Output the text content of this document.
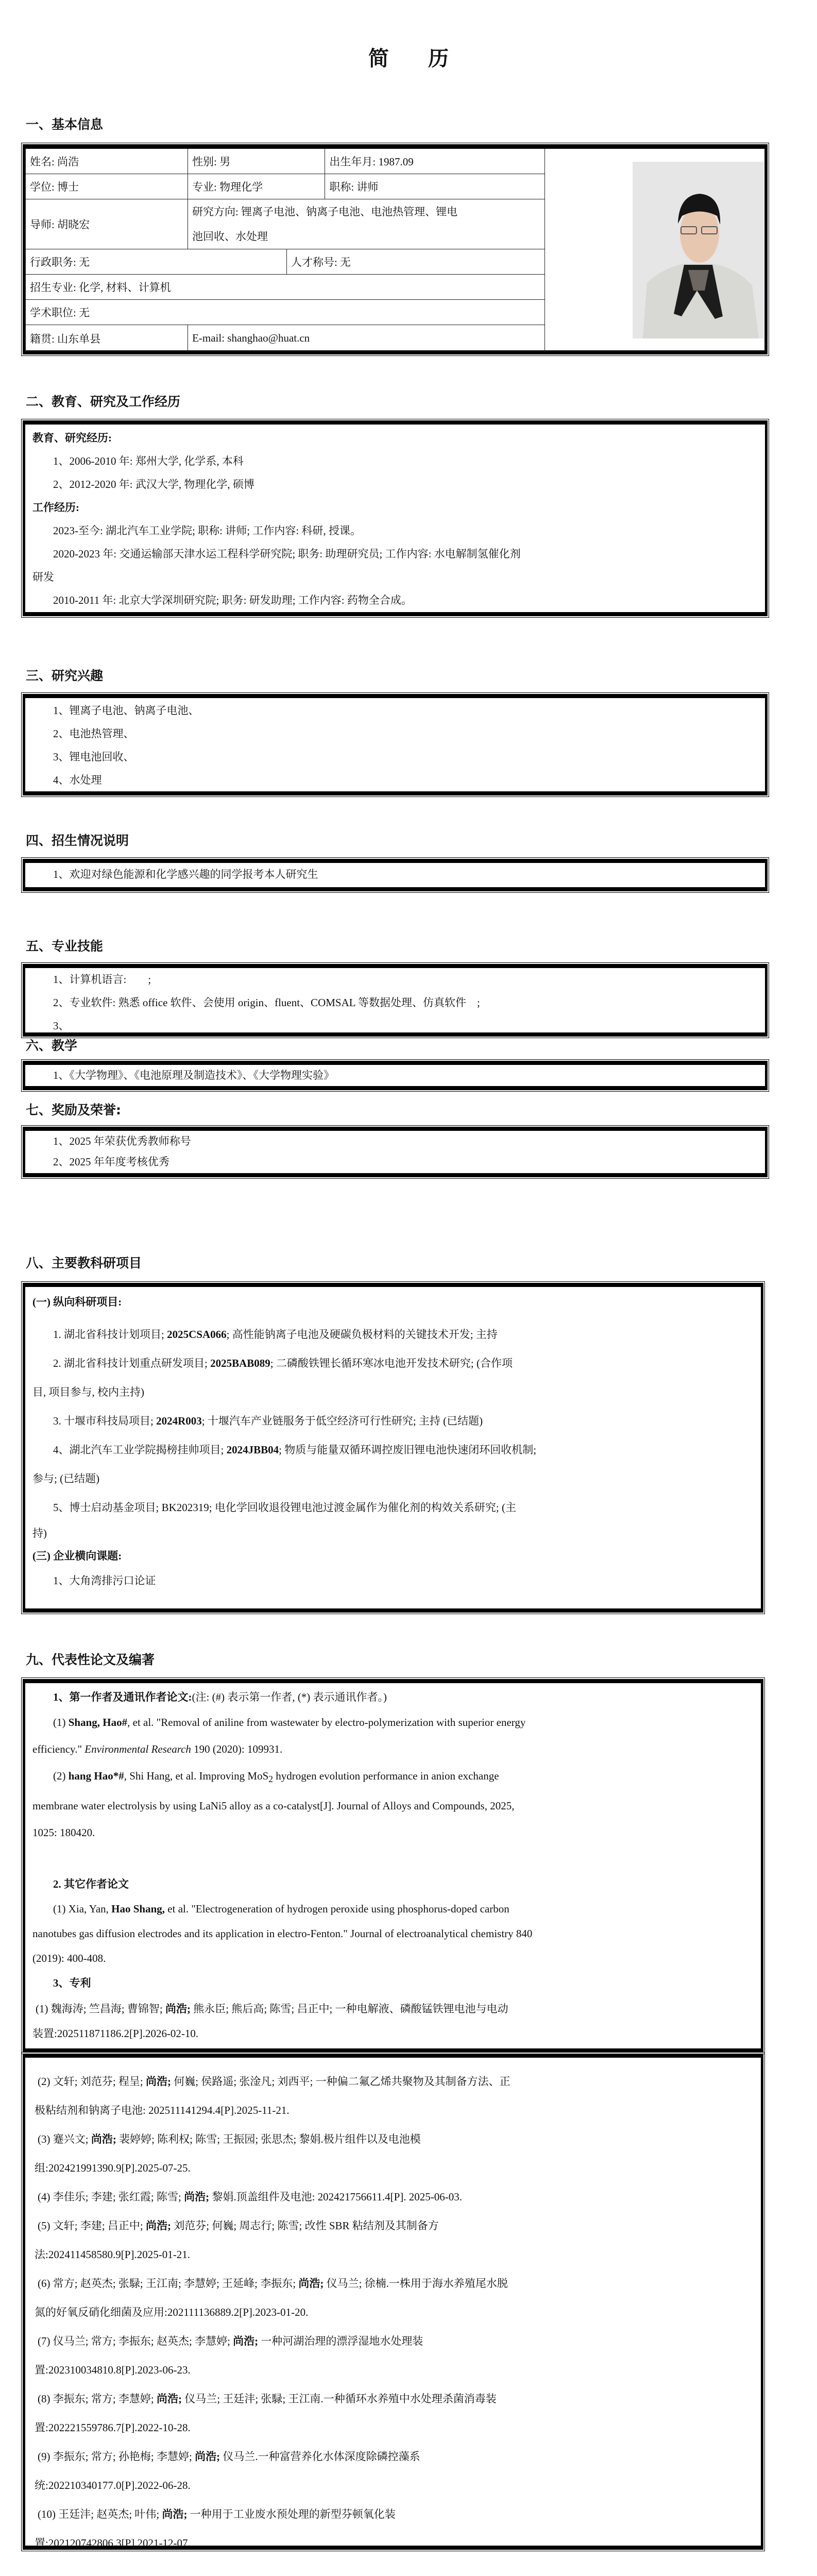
简 历
一、基本信息
姓名: 尚浩	性别: 男		出生年月: 1987.09	
学位: 博士	专业: 物理化学		职称: 讲师	
导师: 胡晓宏	研究方向: 锂离子电池、钠离子电池、电池热管理、锂电
池回收、水处理			

行政职务: 无		人才称号: 无		
招生专业: 化学, 材料、计算机				
学术职位: 无				
籍贯: 山东单县	E-mail: shanghao@huat.cn			
二、教育、研究及工作经历
教育、研究经历:
1、2006-2010 年: 郑州大学, 化学系, 本科
2、2012-2020 年: 武汉大学, 物理化学, 硕博
工作经历:
2023-至今: 湖北汽车工业学院; 职称: 讲师; 工作内容: 科研, 授课。
2020-2023 年: 交通运输部天津水运工程科学研究院; 职务: 助理研究员; 工作内容: 水电解制氢催化剂
研发
2010-2011 年: 北京大学深圳研究院; 职务: 研发助理; 工作内容: 药物全合成。
三、研究兴趣
1、锂离子电池、钠离子电池、
2、电池热管理、
3、锂电池回收、
4、水处理
四、招生情况说明
1、欢迎对绿色能源和化学感兴趣的同学报考本人研究生
五、专业技能
1、计算机语言:　　;
2、专业软件: 熟悉 office 软件、会使用 origin、fluent、COMSAL 等数据处理、仿真软件　;
3、
六、教学
1、《大学物理》、《电池原理及制造技术》、《大学物理实验》
七、奖励及荣誉:
1、2025 年荣获优秀教师称号
2、2025 年年度考核优秀
八、主要教科研项目
(一) 纵向科研项目:
1. 湖北省科技计划项目; 2025CSA066; 高性能钠离子电池及硬碳负极材料的关键技术开发; 主持
2. 湖北省科技计划重点研发项目; 2025BAB089; 二磷酸铁锂长循环寒冰电池开发技术研究; (合作项
目, 项目参与, 校内主持)
3. 十堰市科技局项目; 2024R003; 十堰汽车产业链服务于低空经济可行性研究; 主持 (已结题)
4、湖北汽车工业学院揭榜挂帅项目; 2024JBB04; 物质与能量双循环调控废旧锂电池快速闭环回收机制;
参与; (已结题)
5、博士启动基金项目; BK202319; 电化学回收退役锂电池过渡金属作为催化剂的构效关系研究; (主
持)
(三) 企业横向课题:
1、大角湾排污口论证
九、代表性论文及编著
1、第一作者及通讯作者论文:(注: (#) 表示第一作者, (*) 表示通讯作者。)
(1) Shang, Hao#, et al. "Removal of aniline from wastewater by electro-polymerization with superior energy
efficiency." Environmental Research 190 (2020): 109931.
(2) hang Hao*#, Shi Hang, et al. Improving MoS$_2$ hydrogen evolution performance in anion exchange
membrane water electrolysis by using LaNi5 alloy as a co-catalyst[J]. Journal of Alloys and Compounds, 2025,
1025: 180420.
2. 其它作者论文
(1) Xia, Yan, Hao Shang, et al. "Electrogeneration of hydrogen peroxide using phosphorus-doped carbon
nanotubes gas diffusion electrodes and its application in electro-Fenton." Journal of electroanalytical chemistry 840
(2019): 400-408.
3、专利
(1) 魏海涛; 竺昌海; 曹锦智; 尚浩; 熊永臣; 熊后高; 陈雪; 吕正中; 一种电解液、磷酸锰铁锂电池与电动
装置:202511871186.2[P].2026-02-10.
(2) 文轩; 刘范芬; 程呈; 尚浩; 何巍; 侯路遥; 张淦凡; 刘西平; 一种偏二氟乙烯共聚物及其制备方法、正
极粘结剂和钠离子电池: 202511141294.4[P].2025-11-21.
(3) 蹇兴文; 尚浩; 裴婷婷; 陈利权; 陈雪; 王振园; 张思杰; 黎娟.极片组件以及电池模
组:202421991390.9[P].2025-07-25.
(4) 李佳乐; 李建; 张红霞; 陈雪; 尚浩; 黎娟.顶盖组件及电池: 202421756611.4[P]. 2025-06-03.
(5) 文轩; 李建; 吕正中; 尚浩; 刘范芬; 何巍; 周志行; 陈雪; 改性 SBR 粘结剂及其制备方
法:202411458580.9[P].2025-01-21.
(6) 常方; 赵英杰; 张騄; 王江南; 李慧婷; 王延峰; 李振东; 尚浩; 仪马兰; 徐楠.一株用于海水养殖尾水脱
氮的好氧反硝化细菌及应用:202111136889.2[P].2023-01-20.
(7) 仪马兰; 常方; 李振东; 赵英杰; 李慧婷; 尚浩; 一种河湖治理的漂浮湿地水处理装
置:202310034810.8[P].2023-06-23.
(8) 李振东; 常方; 李慧婷; 尚浩; 仪马兰; 王廷沣; 张騄; 王江南.一种循环水养殖中水处理杀菌消毒装
置:202221559786.7[P].2022-10-28.
(9) 李振东; 常方; 孙艳梅; 李慧婷; 尚浩; 仪马兰.一种富营养化水体深度除磷控藻系
统:202210340177.0[P].2022-06-28.
(10) 王廷沣; 赵英杰; 叶伟; 尚浩; 一种用于工业废水预处理的新型芬顿氧化装
置:202120742806.3[P].2021-12-07.
